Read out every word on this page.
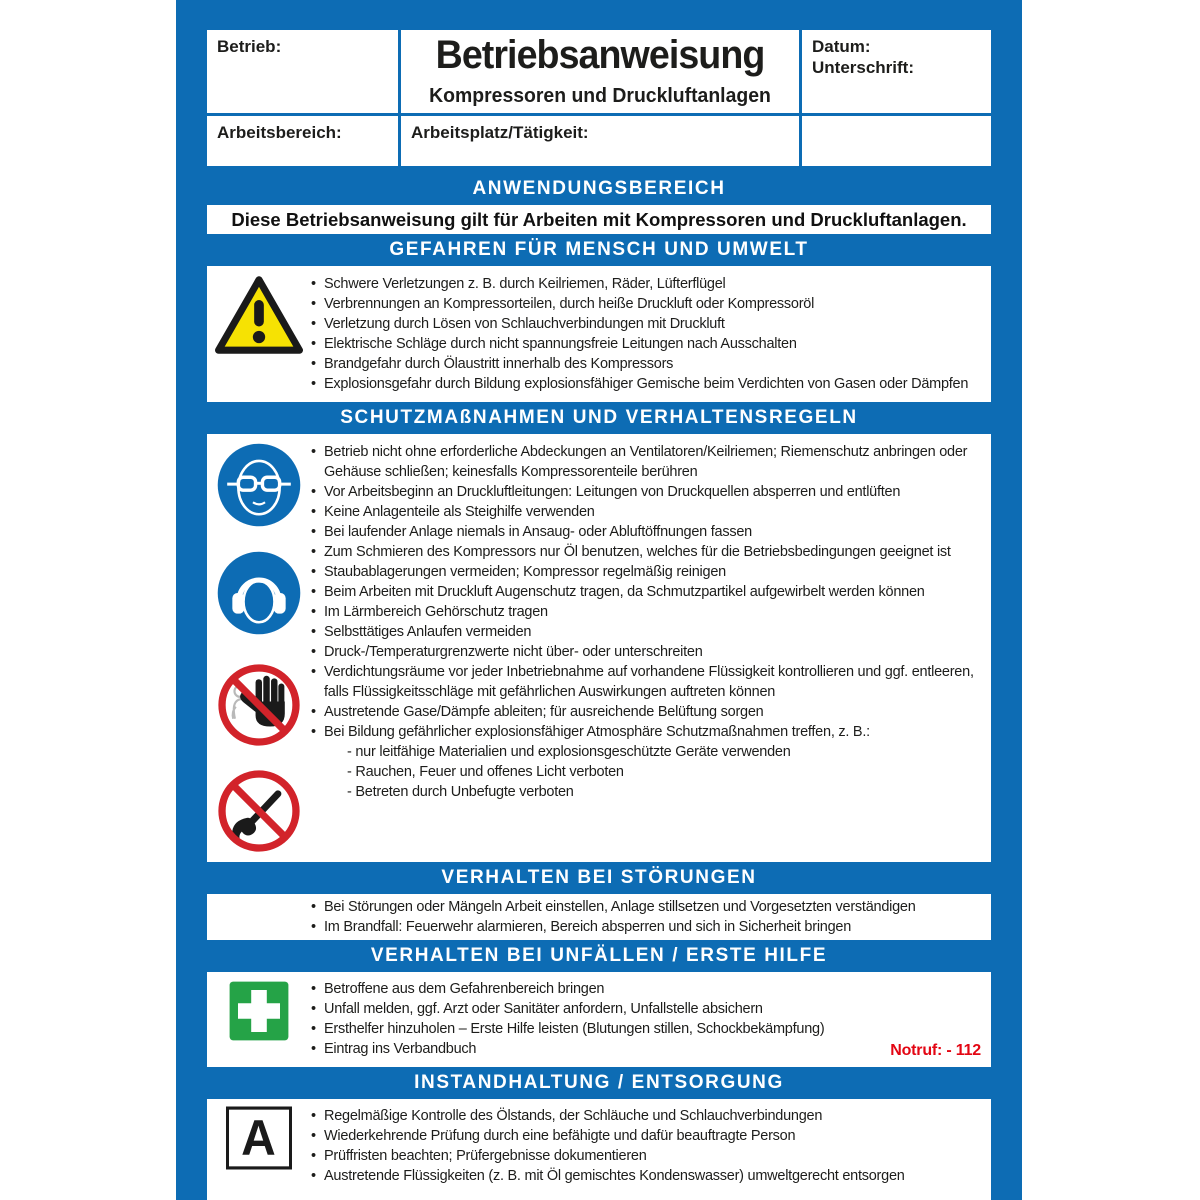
Betrieb:	Betriebsanweisung
Kompressoren und Druckluftanlagen
Datum:
Unterschrift:
Arbeitsbereich:	Arbeitsplatz/Tätigkeit:
ANWENDUNGSBEREICH
Diese Betriebsanweisung gilt für Arbeiten mit Kompressoren und Druckluftanlagen.
GEFAHREN FÜR MENSCH UND UMWELT
• Schwere Verletzungen z. B. durch Keilriemen, Räder, Lüfterflügel
• Verbrennungen an Kompressorteilen, durch heiße Druckluft oder Kompressoröl
• Verletzung durch Lösen von Schlauchverbindungen mit Druckluft
• Elektrische Schläge durch nicht spannungsfreie Leitungen nach Ausschalten
• Brandgefahr durch Ölaustritt innerhalb des Kompressors
• Explosionsgefahr durch Bildung explosionsfähiger Gemische beim Verdichten von Gasen oder Dämpfen
SCHUTZMAßNAHMEN UND VERHALTENSREGELN
• Betrieb nicht ohne erforderliche Abdeckungen an Ventilatoren/Keilriemen; Riemenschutz anbringen oder Gehäuse schließen; keinesfalls Kompressorenteile berühren
• Vor Arbeitsbeginn an Druckluftleitungen: Leitungen von Druckquellen absperren und entlüften
• Keine Anlagenteile als Steighilfe verwenden
• Bei laufender Anlage niemals in Ansaug- oder Abluftöffnungen fassen
• Zum Schmieren des Kompressors nur Öl benutzen, welches für die Betriebsbedingungen geeignet ist
• Staubablagerungen vermeiden; Kompressor regelmäßig reinigen
• Beim Arbeiten mit Druckluft Augenschutz tragen, da Schmutzpartikel aufgewirbelt werden können
• Im Lärmbereich Gehörschutz tragen
• Selbsttätiges Anlaufen vermeiden
• Druck-/Temperaturgrenzwerte nicht über- oder unterschreiten
• Verdichtungsräume vor jeder Inbetriebnahme auf vorhandene Flüssigkeit kontrollieren und ggf. entleeren, falls Flüssigkeitsschläge mit gefährlichen Auswirkungen auftreten können
• Austretende Gase/Dämpfe ableiten; für ausreichende Belüftung sorgen
• Bei Bildung gefährlicher explosionsfähiger Atmosphäre Schutzmaßnahmen treffen, z. B.:
- nur leitfähige Materialien und explosionsgeschützte Geräte verwenden
- Rauchen, Feuer und offenes Licht verboten
- Betreten durch Unbefugte verboten
VERHALTEN BEI STÖRUNGEN
• Bei Störungen oder Mängeln Arbeit einstellen, Anlage stillsetzen und Vorgesetzten verständigen
• Im Brandfall: Feuerwehr alarmieren, Bereich absperren und sich in Sicherheit bringen
VERHALTEN BEI UNFÄLLEN / ERSTE HILFE
• Betroffene aus dem Gefahrenbereich bringen
• Unfall melden, ggf. Arzt oder Sanitäter anfordern, Unfallstelle absichern
• Ersthelfer hinzuholen – Erste Hilfe leisten (Blutungen stillen, Schockbekämpfung)
• Eintrag ins Verbandbuch	Notruf: - 112
INSTANDHALTUNG / ENTSORGUNG
A	• Regelmäßige Kontrolle des Ölstands, der Schläuche und Schlauchverbindungen
• Wiederkehrende Prüfung durch eine befähigte und dafür beauftragte Person
• Prüffristen beachten; Prüfergebnisse dokumentieren
• Austretende Flüssigkeiten (z. B. mit Öl gemischtes Kondenswasser) umweltgerecht entsorgen
